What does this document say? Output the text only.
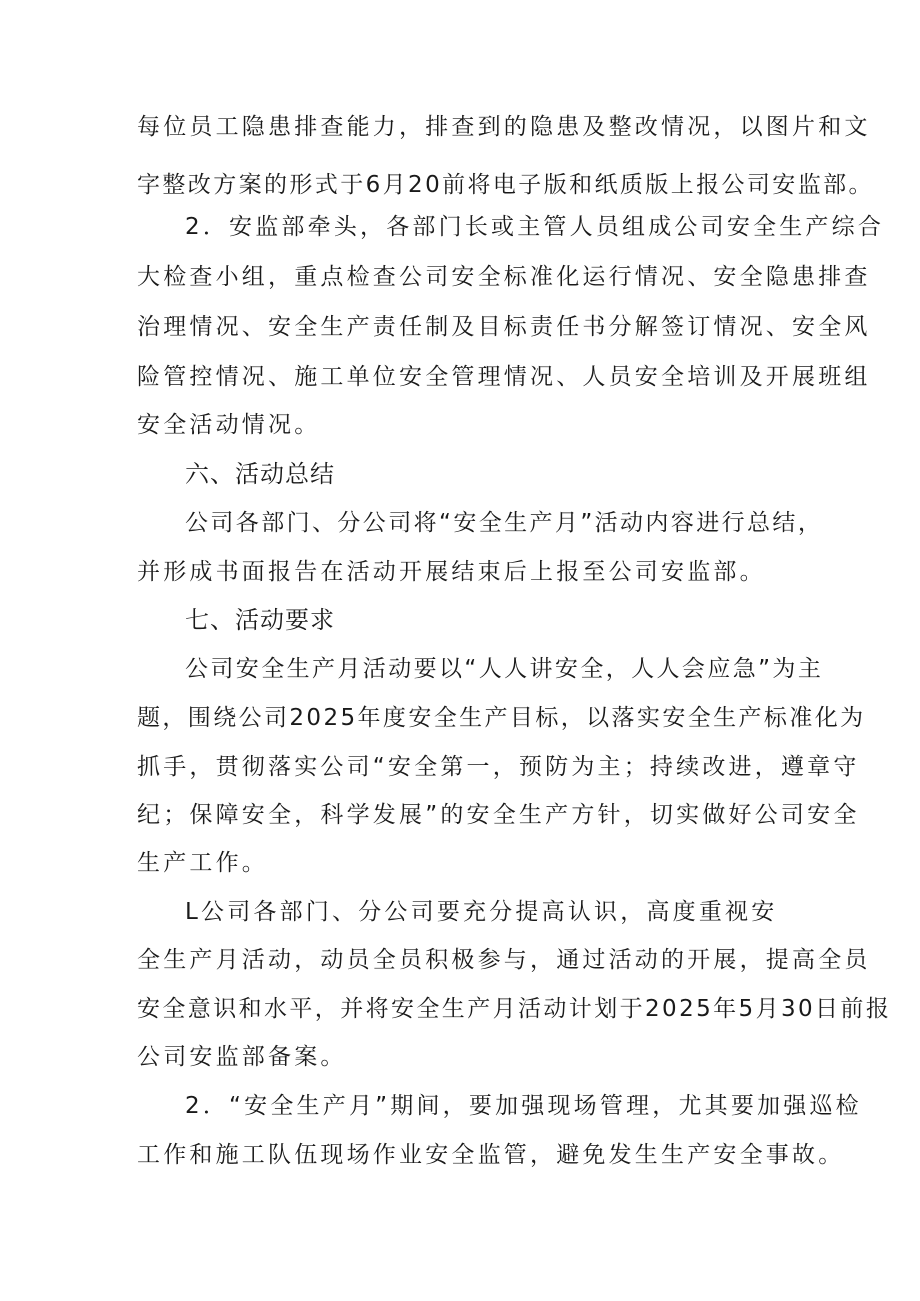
每位员工隐患排查能力，排查到的隐患及整改情况，以图片和文
字整改方案的形式于6月20前将电子版和纸质版上报公司安监部。
2．安监部牵头，各部门长或主管人员组成公司安全生产综合
大检查小组，重点检查公司安全标准化运行情况、安全隐患排查
治理情况、安全生产责任制及目标责任书分解签订情况、安全风
险管控情况、施工单位安全管理情况、人员安全培训及开展班组
安全活动情况。
六、活动总结
公司各部门、分公司将“安全生产月”活动内容进行总结，
并形成书面报告在活动开展结束后上报至公司安监部。
七、活动要求
公司安全生产月活动要以“人人讲安全，人人会应急”为主
题，围绕公司2025年度安全生产目标，以落实安全生产标准化为
抓手，贯彻落实公司“安全第一，预防为主；持续改进，遵章守
纪；保障安全，科学发展”的安全生产方针，切实做好公司安全
生产工作。
L公司各部门、分公司要充分提高认识，高度重视安
全生产月活动，动员全员积极参与，通过活动的开展，提高全员
安全意识和水平，并将安全生产月活动计划于2025年5月30日前报
公司安监部备案。
2．“安全生产月”期间，要加强现场管理，尤其要加强巡检
工作和施工队伍现场作业安全监管，避免发生生产安全事故。
